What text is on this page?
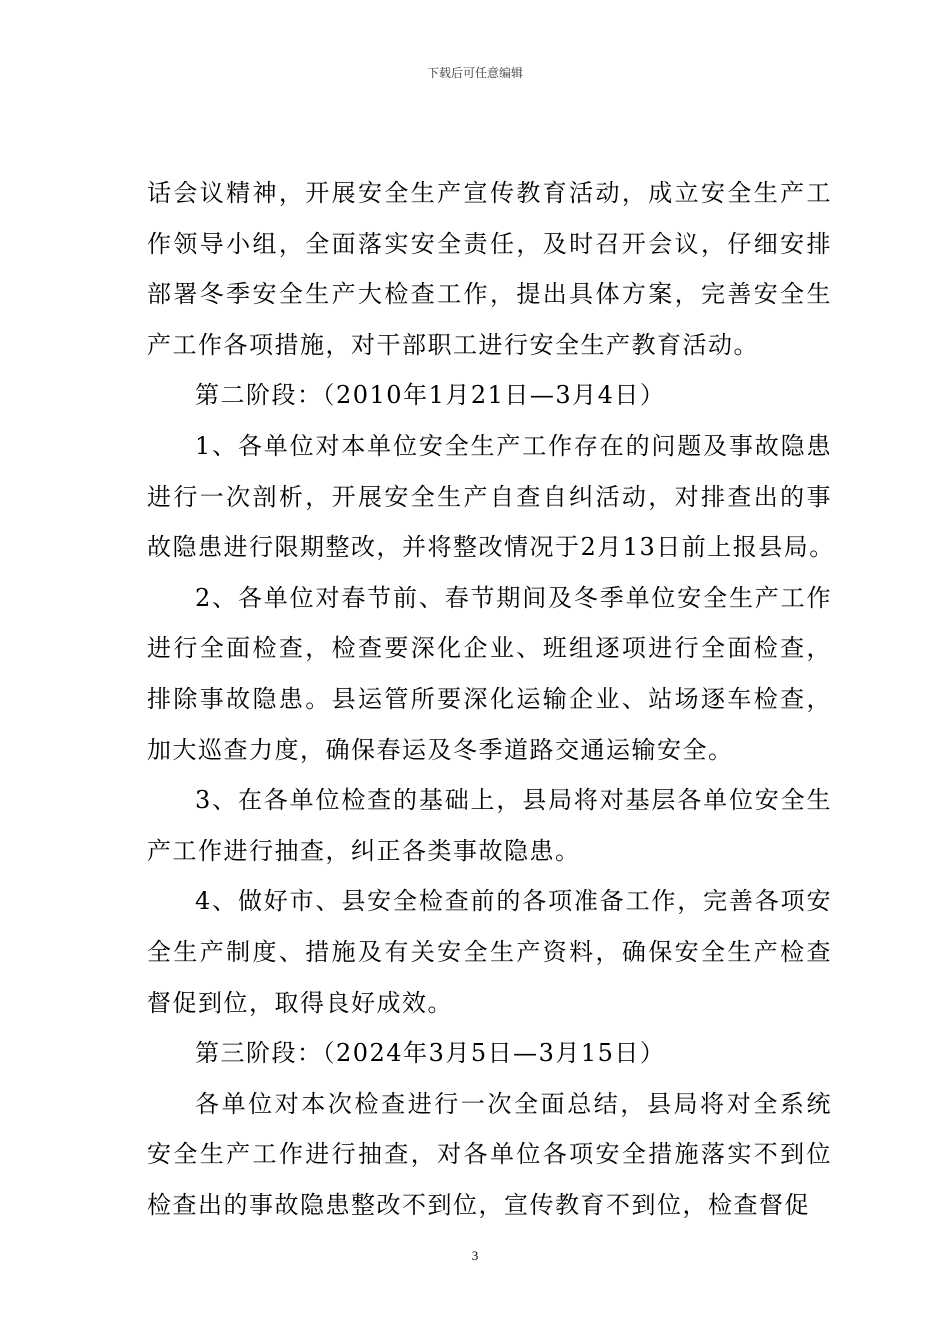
下载后可任意编辑
话会议精神，开展安全生产宣传教育活动，成立安全生产工
作领导小组，全面落实安全责任，及时召开会议，仔细安排
部署冬季安全生产大检查工作，提出具体方案，完善安全生
产工作各项措施，对干部职工进行安全生产教育活动。
第二阶段：（2010年1月21日—3月4日）
1、各单位对本单位安全生产工作存在的问题及事故隐患
进行一次剖析，开展安全生产自查自纠活动，对排查出的事
故隐患进行限期整改，并将整改情况于2月13日前上报县局。
2、各单位对春节前、春节期间及冬季单位安全生产工作
进行全面检查，检查要深化企业、班组逐项进行全面检查，
排除事故隐患。县运管所要深化运输企业、站场逐车检查，
加大巡查力度，确保春运及冬季道路交通运输安全。
3、在各单位检查的基础上，县局将对基层各单位安全生
产工作进行抽查，纠正各类事故隐患。
4、做好市、县安全检查前的各项准备工作，完善各项安
全生产制度、措施及有关安全生产资料，确保安全生产检查
督促到位，取得良好成效。
第三阶段：（2024年3月5日—3月15日）
各单位对本次检查进行一次全面总结，县局将对全系统
安全生产工作进行抽查，对各单位各项安全措施落实不到位
检查出的事故隐患整改不到位，宣传教育不到位，检查督促
3
